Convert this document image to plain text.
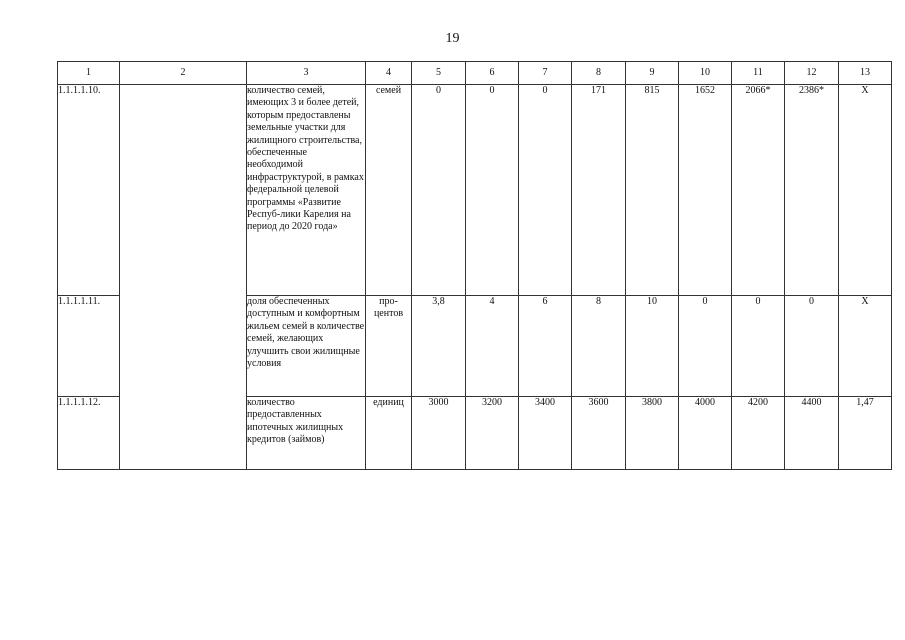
19
1	2	3	4	5	6	7	8	9	10	11	12	13
1.1.1.1.10.		количество семей, имеющих 3 и более детей, которым предоставлены земельные участки для жилищного строительства, обеспеченные необходимой инфраструктурой, в рамках федеральной целевой программы «Развитие Респуб-лики Карелия на период до 2020 года»	семей	0	0	0	171	815	1652	2066*	2386*	Х
1.1.1.1.11.		доля обеспеченных доступным и комфортным жильем семей в количестве семей, желающих улучшить свои жилищные условия	про-центов	3,8	4	6	8	10	0	0	0	Х
1.1.1.1.12.		количество предоставленных ипотечных жилищных кредитов (займов)	единиц	3000	3200	3400	3600	3800	4000	4200	4400	1,47
